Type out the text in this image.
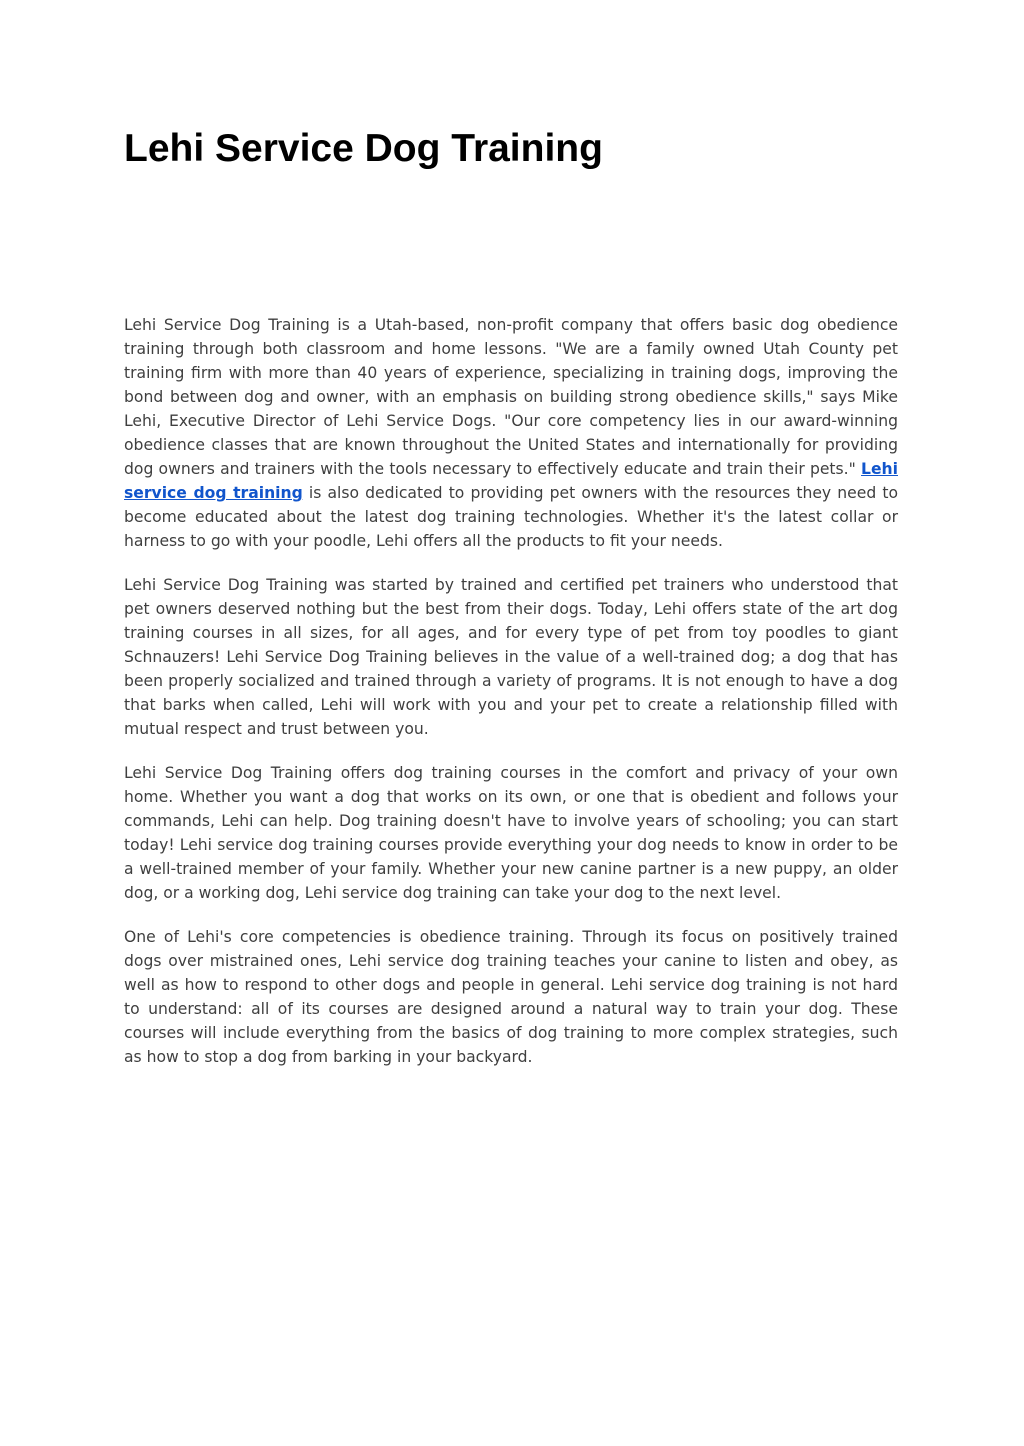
Lehi Service Dog Training

Lehi Service Dog Training is a Utah-based, non-profit company that offers basic dog obedience training through both classroom and home lessons. "We are a family owned Utah County pet training firm with more than 40 years of experience, specializing in training dogs, improving the bond between dog and owner, with an emphasis on building strong obedience skills," says Mike Lehi, Executive Director of Lehi Service Dogs. "Our core competency lies in our award-winning obedience classes that are known throughout the United States and internationally for providing dog owners and trainers with the tools necessary to effectively educate and train their pets." Lehi service dog training is also dedicated to providing pet owners with the resources they need to become educated about the latest dog training technologies. Whether it's the latest collar or harness to go with your poodle, Lehi offers all the products to fit your needs.

Lehi Service Dog Training was started by trained and certified pet trainers who understood that pet owners deserved nothing but the best from their dogs. Today, Lehi offers state of the art dog training courses in all sizes, for all ages, and for every type of pet from toy poodles to giant Schnauzers! Lehi Service Dog Training believes in the value of a well-trained dog; a dog that has been properly socialized and trained through a variety of programs. It is not enough to have a dog that barks when called, Lehi will work with you and your pet to create a relationship filled with mutual respect and trust between you.

Lehi Service Dog Training offers dog training courses in the comfort and privacy of your own home. Whether you want a dog that works on its own, or one that is obedient and follows your commands, Lehi can help. Dog training doesn't have to involve years of schooling; you can start today! Lehi service dog training courses provide everything your dog needs to know in order to be a well-trained member of your family. Whether your new canine partner is a new puppy, an older dog, or a working dog, Lehi service dog training can take your dog to the next level.

One of Lehi's core competencies is obedience training. Through its focus on positively trained dogs over mistrained ones, Lehi service dog training teaches your canine to listen and obey, as well as how to respond to other dogs and people in general. Lehi service dog training is not hard to understand: all of its courses are designed around a natural way to train your dog. These courses will include everything from the basics of dog training to more complex strategies, such as how to stop a dog from barking in your backyard.
